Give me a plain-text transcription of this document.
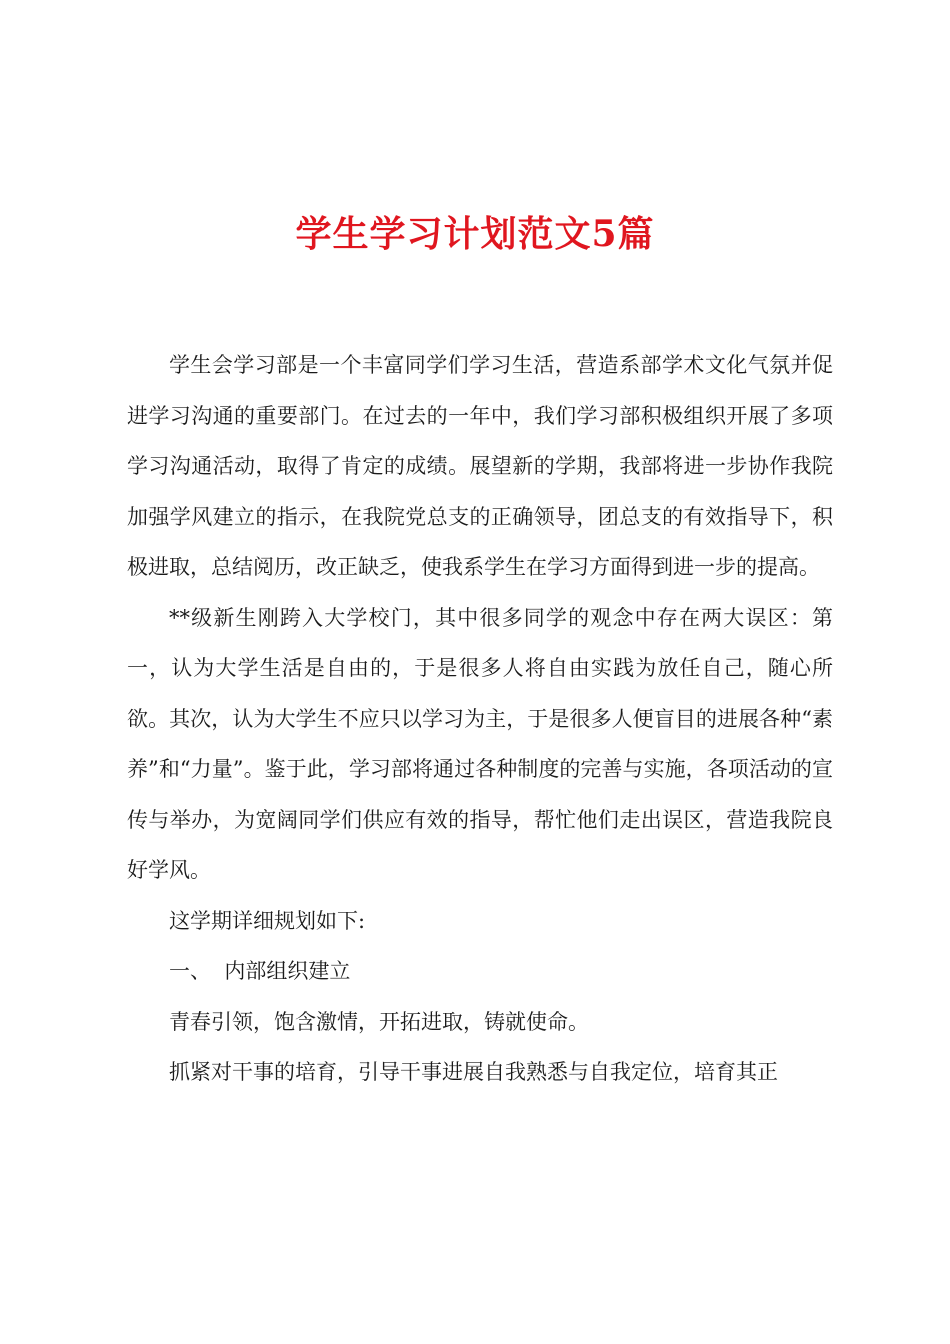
学生学习计划范文5篇

学生会学习部是一个丰富同学们学习生活，营造系部学术文化气氛并促进学习沟通的重要部门。在过去的一年中，我们学习部积极组织开展了多项学习沟通活动，取得了肯定的成绩。展望新的学期，我部将进一步协作我院加强学风建立的指示，在我院党总支的正确领导，团总支的有效指导下，积极进取，总结阅历，改正缺乏，使我系学生在学习方面得到进一步的提高。

**级新生刚跨入大学校门，其中很多同学的观念中存在两大误区：第一，认为大学生活是自由的，于是很多人将自由实践为放任自己，随心所欲。其次，认为大学生不应只以学习为主，于是很多人便盲目的进展各种“素养”和“力量”。鉴于此，学习部将通过各种制度的完善与实施，各项活动的宣传与举办，为宽阔同学们供应有效的指导，帮忙他们走出误区，营造我院良好学风。

这学期详细规划如下:

一、  内部组织建立

青春引领，饱含激情，开拓进取，铸就使命。

抓紧对干事的培育，引导干事进展自我熟悉与自我定位，培育其正
